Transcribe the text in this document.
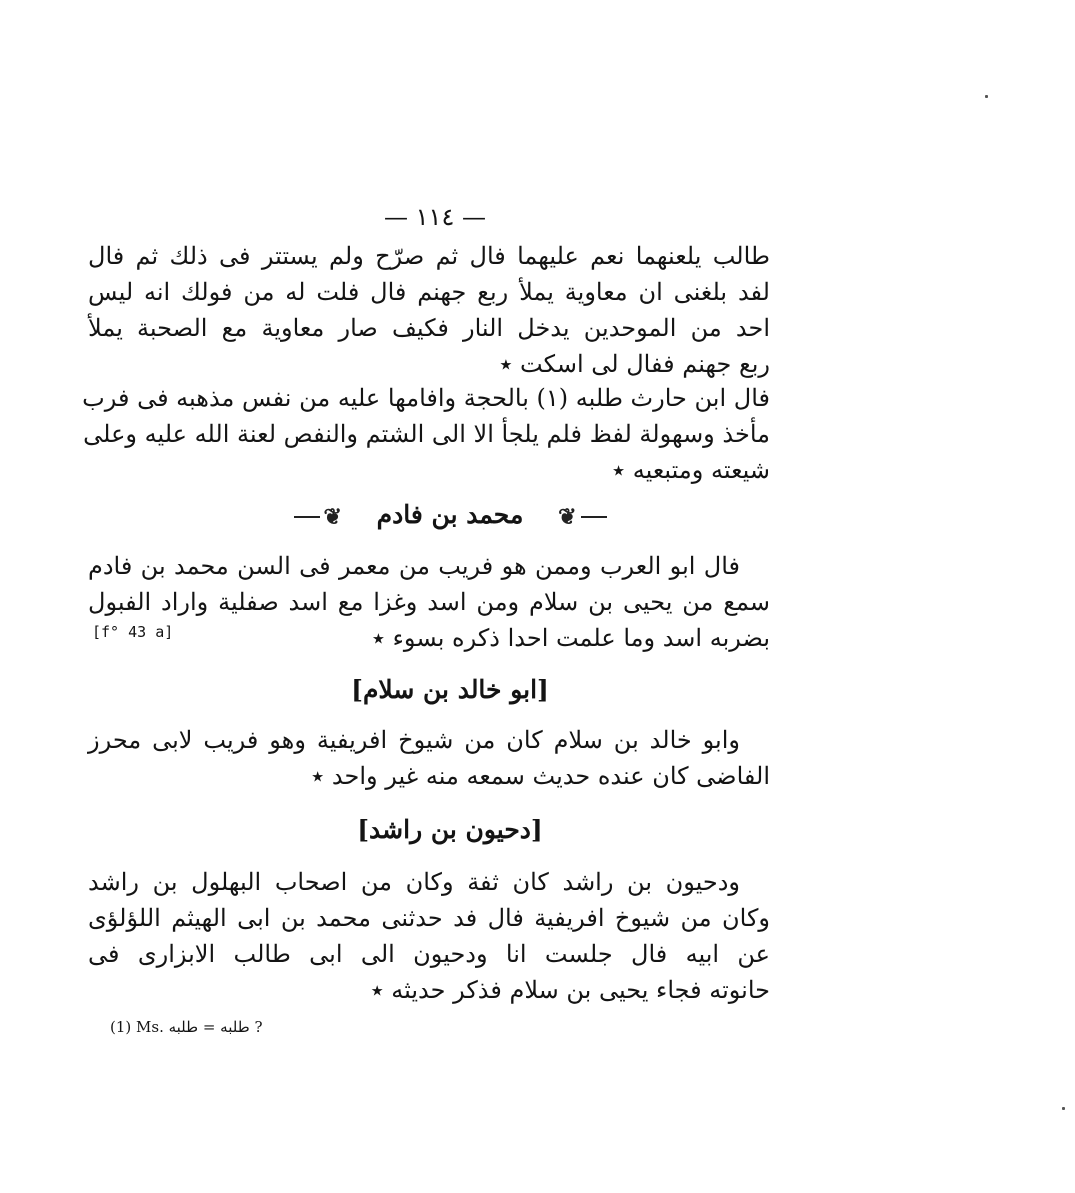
— ١١٤ —
طالب يلعنهما نعم عليهما فال ثم صرّح ولم يستتر فى ذلك ثم فال
لفد بلغنى ان معاوية يملأ ربع جهنم فال فلت له من فولك انه ليس
احد من الموحدين يدخل النار فكيف صار معاوية مع الصحبة يملأ
ربع جهنم ففال لى اسكت ٭
فال ابن حارث طلبه (١) بالحجة وافامها عليه من نفس مذهبه فى فرب
مأخذ وسهولة لفظ فلم يلجأ الا الى الشتم والنفص لعنة الله عليه وعلى
شيعته ومتبعيه ٭
❦ محمد بن فادم ❦
فال ابو العرب وممن هو فريب من معمر فى السن محمد بن فادم
سمع من يحيى بن سلام ومن اسد وغزا مع اسد صفلية واراد الفبول
بضربه اسد وما علمت احدا ذكره بسوء ٭
[f° 43 a]
[ابو خالد بن سلام]
وابو خالد بن سلام كان من شيوخ افريفية وهو فريب لابى محرز
الفاضى كان عنده حديث سمعه منه غير واحد ٭
[دحيون بن راشد]
ودحيون بن راشد كان ثفة وكان من اصحاب البهلول بن راشد
وكان من شيوخ افريفية فال فد حدثنى محمد بن ابى الهيثم اللؤلؤى
عن ابيه فال جلست انا ودحيون الى ابى طالب الابزارى فى
حانوته فجاء يحيى بن سلام فذكر حديثه ٭
(1) Ms. طلبه = طلبه ?
